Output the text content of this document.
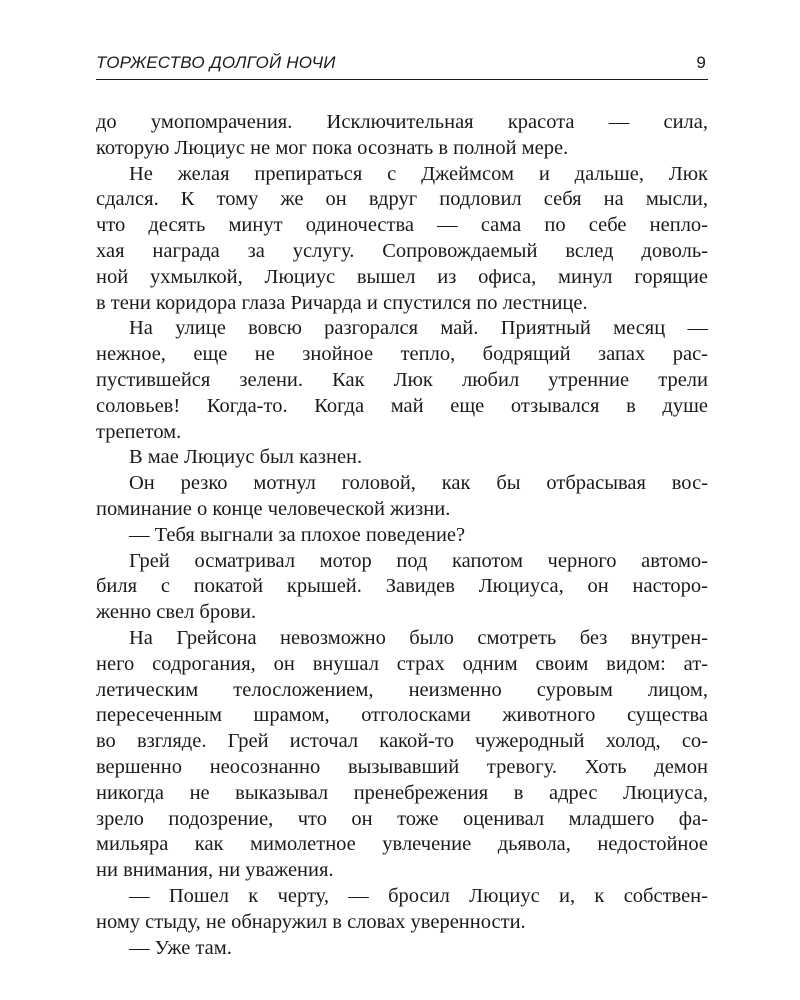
ТОРЖЕСТВО ДОЛГОЙ НОЧИ	9

до умопомрачения. Исключительная красота — сила,
которую Люциус не мог пока осознать в полной мере.

Не желая препираться с Джеймсом и дальше, Люк
сдался. К тому же он вдруг подловил себя на мысли,
что десять минут одиночества — сама по себе непло-
хая награда за услугу. Сопровождаемый вслед доволь-
ной ухмылкой, Люциус вышел из офиса, минул горящие
в тени коридора глаза Ричарда и спустился по лестнице.

На улице вовсю разгорался май. Приятный месяц —
нежное, еще не знойное тепло, бодрящий запах рас-
пустившейся зелени. Как Люк любил утренние трели
соловьев! Когда-то. Когда май еще отзывался в душе
трепетом.

В мае Люциус был казнен.

Он резко мотнул головой, как бы отбрасывая вос-
поминание о конце человеческой жизни.

— Тебя выгнали за плохое поведение?

Грей осматривал мотор под капотом черного автомо-
биля с покатой крышей. Завидев Люциуса, он насторо-
женно свел брови.

На Грейсона невозможно было смотреть без внутрен-
него содрогания, он внушал страх одним своим видом: ат-
летическим телосложением, неизменно суровым лицом,
пересеченным шрамом, отголосками животного существа
во взгляде. Грей источал какой-то чужеродный холод, со-
вершенно неосознанно вызывавший тревогу. Хоть демон
никогда не выказывал пренебрежения в адрес Люциуса,
зрело подозрение, что он тоже оценивал младшего фа-
мильяра как мимолетное увлечение дьявола, недостойное
ни внимания, ни уважения.

— Пошел к черту, — бросил Люциус и, к собствен-
ному стыду, не обнаружил в словах уверенности.

— Уже там.
